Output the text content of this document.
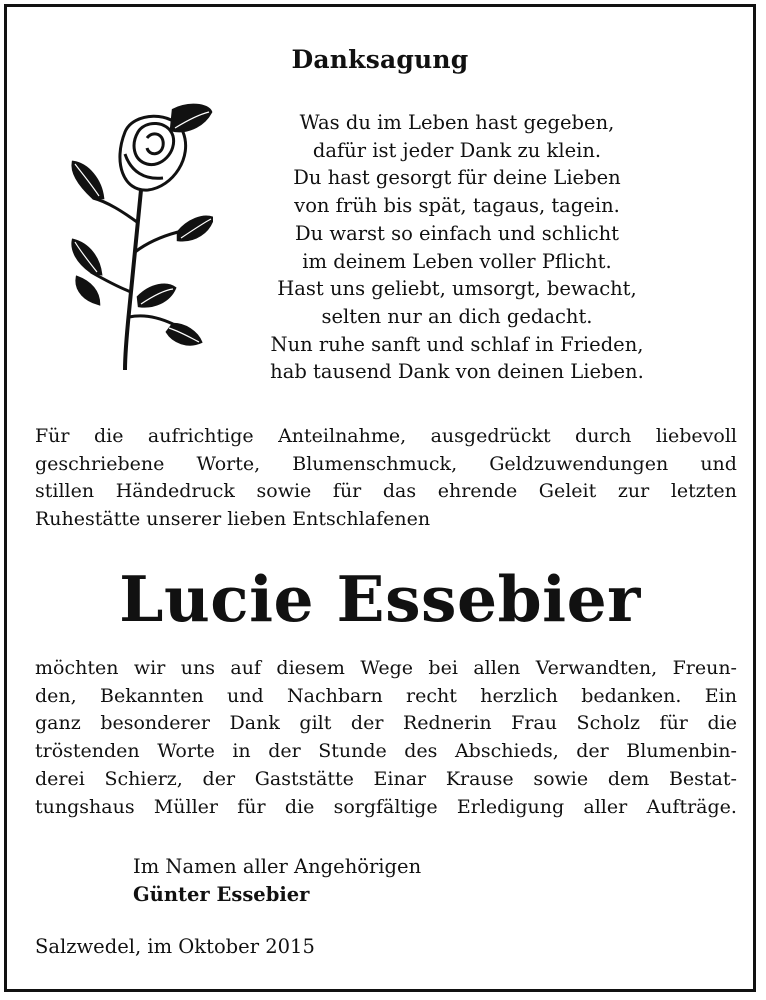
Danksagung
Was du im Leben hast gegeben,
dafür ist jeder Dank zu klein.
Du hast gesorgt für deine Lieben
von früh bis spät, tagaus, tagein.
Du warst so einfach und schlicht
im deinem Leben voller Pflicht.
Hast uns geliebt, umsorgt, bewacht,
selten nur an dich gedacht.
Nun ruhe sanft und schlaf in Frieden,
hab tausend Dank von deinen Lieben.
Für die aufrichtige Anteilnahme, ausgedrückt durch liebevoll
geschriebene Worte, Blumenschmuck, Geldzuwendungen und
stillen Händedruck sowie für das ehrende Geleit zur letzten
Ruhestätte unserer lieben Entschlafenen
Lucie Essebier
möchten wir uns auf diesem Wege bei allen Verwandten, Freun-
den, Bekannten und Nachbarn recht herzlich bedanken. Ein
ganz besonderer Dank gilt der Rednerin Frau Scholz für die
tröstenden Worte in der Stunde des Abschieds, der Blumenbin-
derei Schierz, der Gaststätte Einar Krause sowie dem Bestat-
tungshaus Müller für die sorgfältige Erledigung aller Aufträge.
Im Namen aller Angehörigen
Günter Essebier
Salzwedel, im Oktober 2015
